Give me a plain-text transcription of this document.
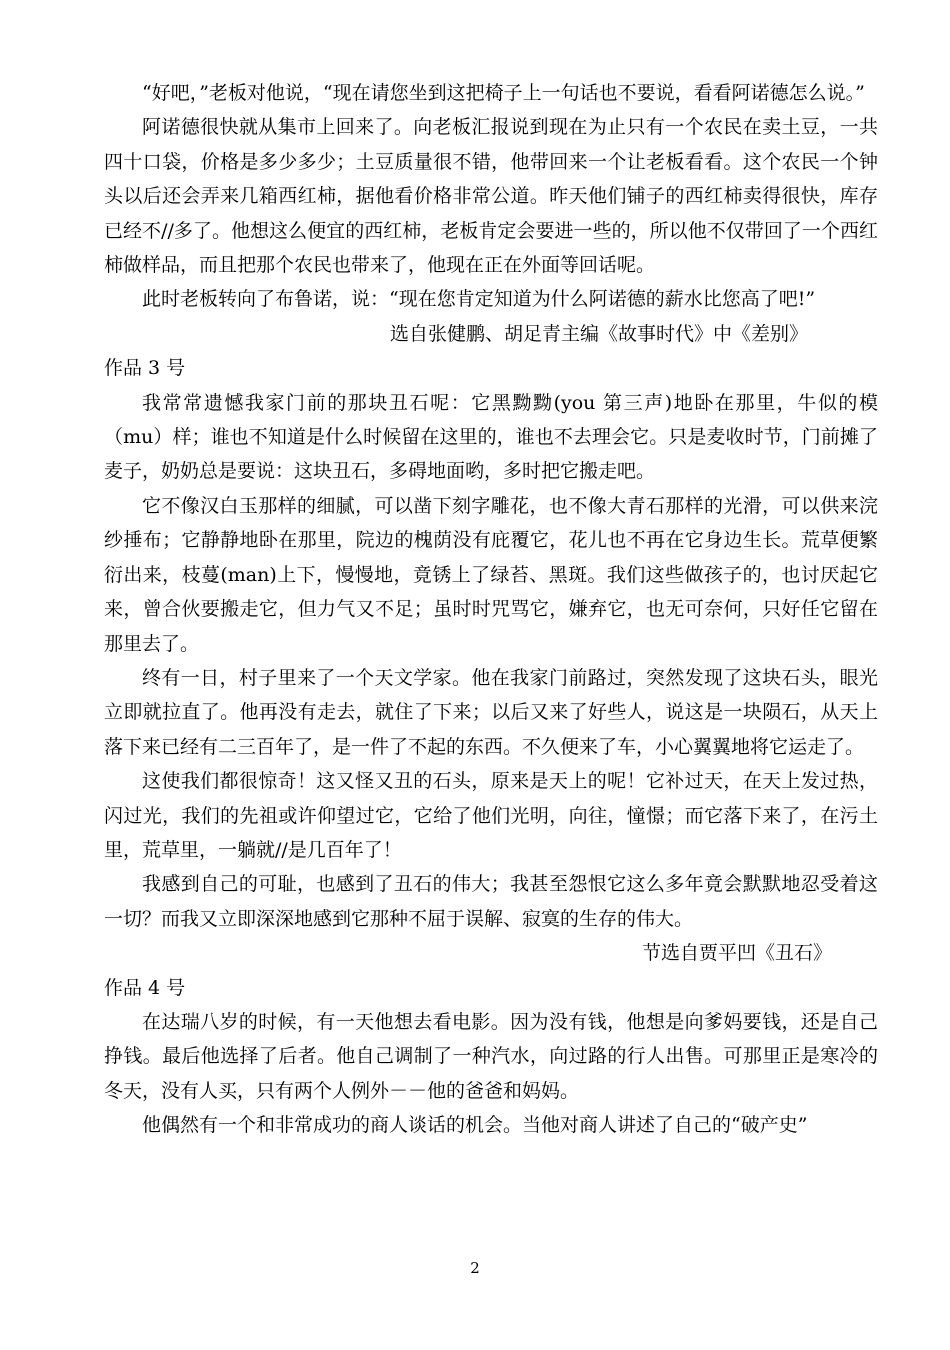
“好吧，”老板对他说，“现在请您坐到这把椅子上一句话也不要说，看看阿诺德怎么说。”

阿诺德很快就从集市上回来了。向老板汇报说到现在为止只有一个农民在卖土豆，一共四十口袋，价格是多少多少；土豆质量很不错，他带回来一个让老板看看。这个农民一个钟头以后还会弄来几箱西红柿，据他看价格非常公道。昨天他们铺子的西红柿卖得很快，库存已经不//多了。他想这么便宜的西红柿，老板肯定会要进一些的，所以他不仅带回了一个西红柿做样品，而且把那个农民也带来了，他现在正在外面等回话呢。

此时老板转向了布鲁诺，说：“现在您肯定知道为什么阿诺德的薪水比您高了吧!”

选自张健鹏、胡足青主编《故事时代》中《差别》

作品 3 号

我常常遗憾我家门前的那块丑石呢：它黑黝黝(you 第三声)地卧在那里，牛似的模（mu）样；谁也不知道是什么时候留在这里的，谁也不去理会它。只是麦收时节，门前摊了麦子，奶奶总是要说：这块丑石，多碍地面哟，多时把它搬走吧。

它不像汉白玉那样的细腻，可以凿下刻字雕花，也不像大青石那样的光滑，可以供来浣纱捶布；它静静地卧在那里，院边的槐荫没有庇覆它，花儿也不再在它身边生长。荒草便繁衍出来，枝蔓(man)上下，慢慢地，竟锈上了绿苔、黑斑。我们这些做孩子的，也讨厌起它来，曾合伙要搬走它，但力气又不足；虽时时咒骂它，嫌弃它，也无可奈何，只好任它留在那里去了。

终有一日，村子里来了一个天文学家。他在我家门前路过，突然发现了这块石头，眼光立即就拉直了。他再没有走去，就住了下来；以后又来了好些人，说这是一块陨石，从天上落下来已经有二三百年了，是一件了不起的东西。不久便来了车，小心翼翼地将它运走了。

这使我们都很惊奇！这又怪又丑的石头，原来是天上的呢！它补过天，在天上发过热，闪过光，我们的先祖或许仰望过它，它给了他们光明，向往，憧憬；而它落下来了，在污土里，荒草里，一躺就//是几百年了！

我感到自己的可耻，也感到了丑石的伟大；我甚至怨恨它这么多年竟会默默地忍受着这一切？而我又立即深深地感到它那种不屈于误解、寂寞的生存的伟大。

节选自贾平凹《丑石》

作品 4 号

在达瑞八岁的时候，有一天他想去看电影。因为没有钱，他想是向爹妈要钱，还是自己挣钱。最后他选择了后者。他自己调制了一种汽水，向过路的行人出售。可那里正是寒冷的冬天，没有人买，只有两个人例外－－他的爸爸和妈妈。

他偶然有一个和非常成功的商人谈话的机会。当他对商人讲述了自己的“破产史”

2
